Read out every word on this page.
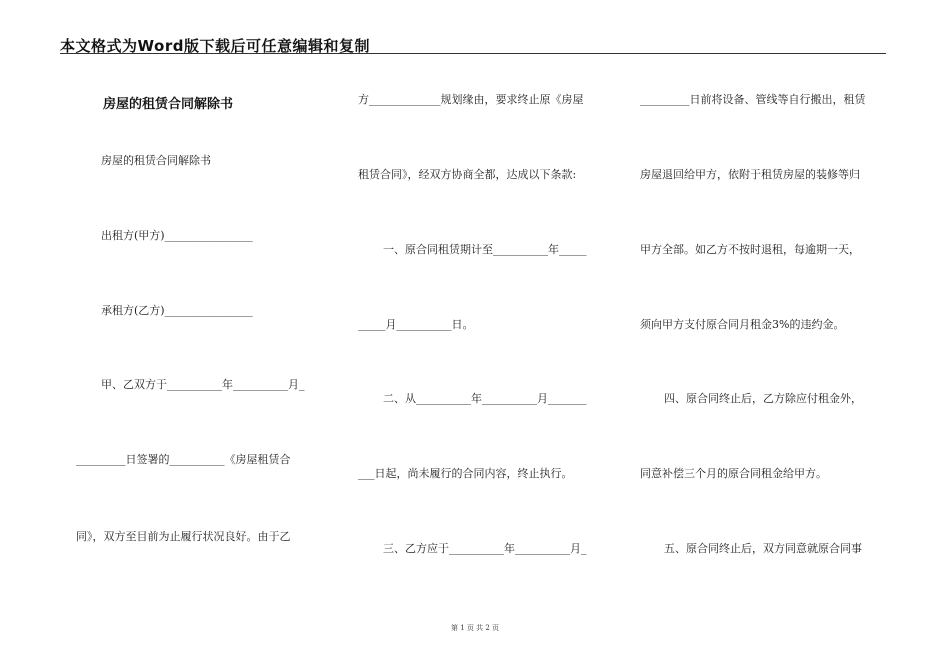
本文格式为Word版下载后可任意编辑和复制
房屋的租赁合同解除书
房屋的租赁合同解除书
出租方(甲方)________________
承租方(乙方)________________
甲、乙双方于__________年__________月_
_________日签署的__________《房屋租赁合
同》，双方至目前为止履行状况良好。由于乙
方_____________规划缘由，要求终止原《房屋
租赁合同》，经双方协商全都，达成以下条款:
一、原合同租赁期计至__________年_____
_____月__________日。
二、从__________年__________月_______
___日起，尚未履行的合同内容，终止执行。
三、乙方应于__________年__________月_
_________日前将设备、管线等自行搬出，租赁
房屋退回给甲方，依附于租赁房屋的装修等归
甲方全部。如乙方不按时退租，每逾期一天，
须向甲方支付原合同月租金3%的违约金。
四、原合同终止后，乙方除应付租金外，
同意补偿三个月的原合同租金给甲方。
五、原合同终止后，双方同意就原合同事
第 1 页 共 2 页
